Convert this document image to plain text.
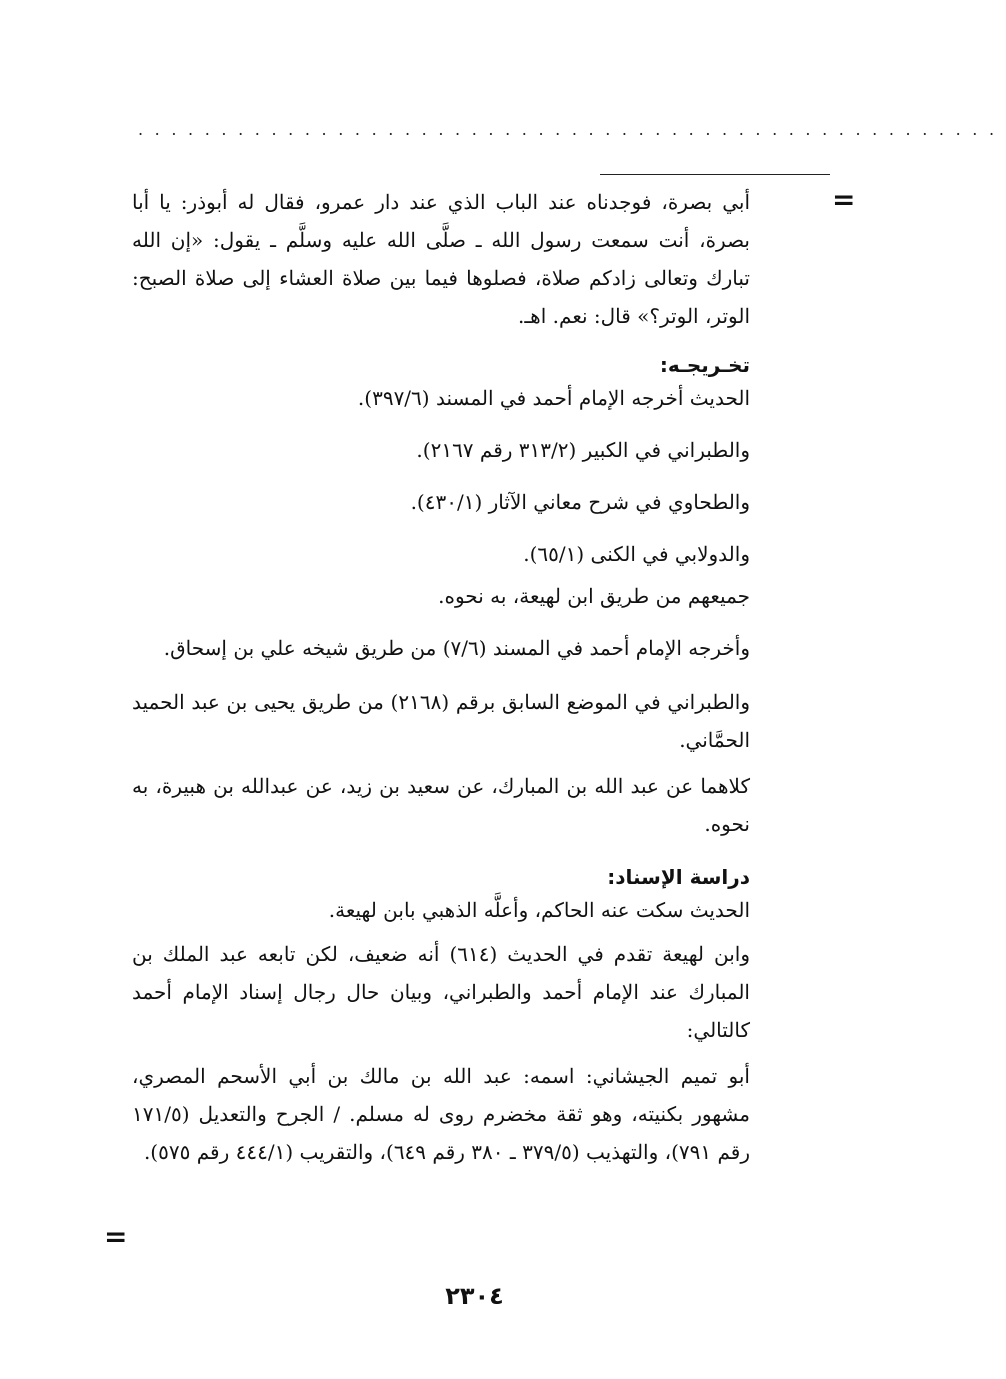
....................................................
=

أبي بصرة، فوجدناه عند الباب الذي عند دار عمرو، فقال له أبوذر: يا أبا بصرة، أنت سمعت رسول الله ـ صلَّى الله عليه وسلَّم ـ يقول: «إن الله تبارك وتعالى زادكم صلاة، فصلوها فيما بين صلاة العشاء إلى صلاة الصبح: الوتر، الوتر؟» قال: نعم. اهـ.

تخـريجـه:

الحديث أخرجه الإمام أحمد في المسند (٣٩٧/٦).

والطبراني في الكبير (٣١٣/٢ رقم ٢١٦٧).

والطحاوي في شرح معاني الآثار (٤٣٠/١).

والدولابي في الكنى (٦٥/١).

جميعهم من طريق ابن لهيعة، به نحوه.

وأخرجه الإمام أحمد في المسند (٧/٦) من طريق شيخه علي بن إسحاق.

والطبراني في الموضع السابق برقم (٢١٦٨) من طريق يحيى بن عبد الحميد الحمَّاني.

كلاهما عن عبد الله بن المبارك، عن سعيد بن زيد، عن عبدالله بن هبيرة، به نحوه.

دراسة الإسناد:

الحديث سكت عنه الحاكم، وأعلَّه الذهبي بابن لهيعة.

وابن لهيعة تقدم في الحديث (٦١٤) أنه ضعيف، لكن تابعه عبد الملك بن المبارك عند الإمام أحمد والطبراني، وبيان حال رجال إسناد الإمام أحمد كالتالي:

أبو تميم الجيشاني: اسمه: عبد الله بن مالك بن أبي الأسحم المصري، مشهور بكنيته، وهو ثقة مخضرم روى له مسلم. / الجرح والتعديل (١٧١/٥ رقم ٧٩١)، والتهذيب (٣٧٩/٥ ـ ٣٨٠ رقم ٦٤٩)، والتقريب (٤٤٤/١ رقم ٥٧٥).

=
٢٣٠٤
